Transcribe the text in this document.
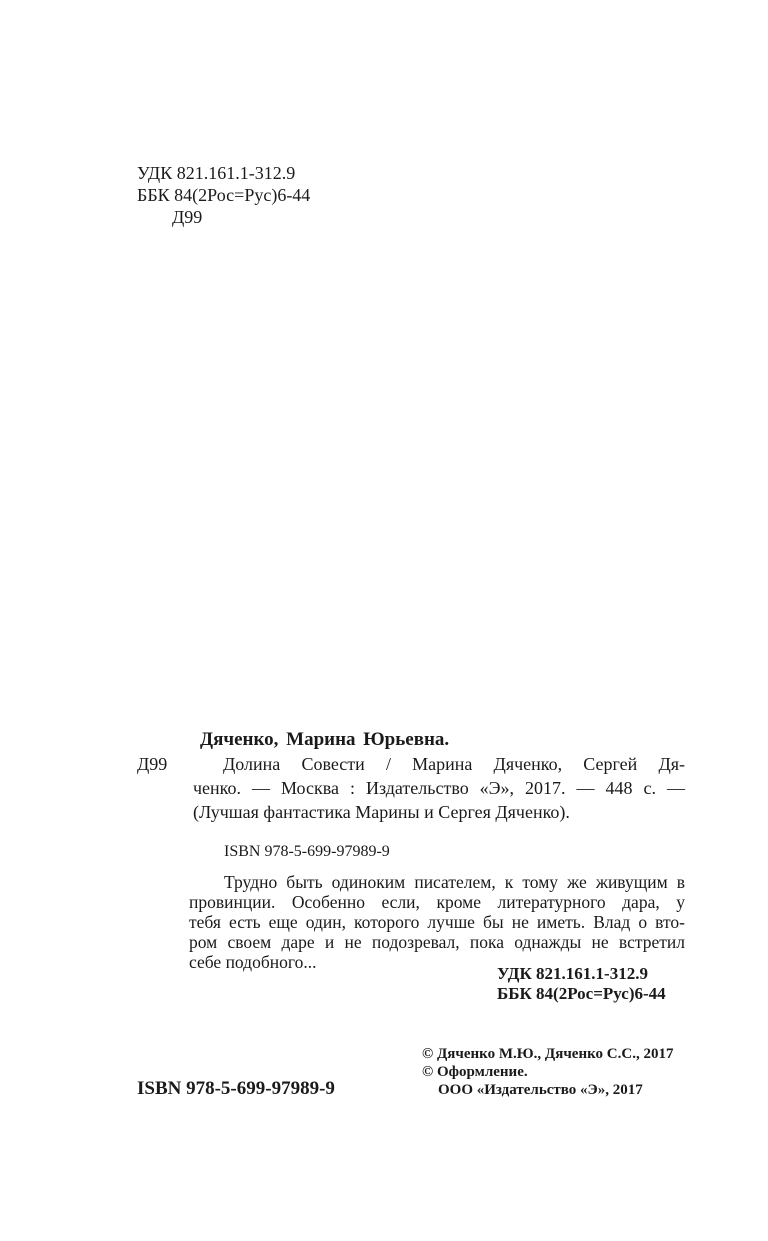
УДК 821.161.1-312.9
ББК 84(2Рос=Рус)6-44
Д99
Дяченко, Марина Юрьевна.
Д99	Долина Совести / Марина Дяченко, Сергей Дя-
ченко. — Москва : Издательство «Э», 2017. — 448 с. —
(Лучшая фантастика Марины и Сергея Дяченко).
ISBN 978-5-699-97989-9
Трудно быть одиноким писателем, к тому же живущим в
провинции. Особенно если, кроме литературного дара, у
тебя есть еще один, которого лучше бы не иметь. Влад о вто-
ром своем даре и не подозревал, пока однажды не встретил
себе подобного...
УДК 821.161.1-312.9
ББК 84(2Рос=Рус)6-44
© Дяченко М.Ю., Дяченко С.С., 2017
© Оформление.
ООО «Издательство «Э», 2017
ISBN 978-5-699-97989-9
